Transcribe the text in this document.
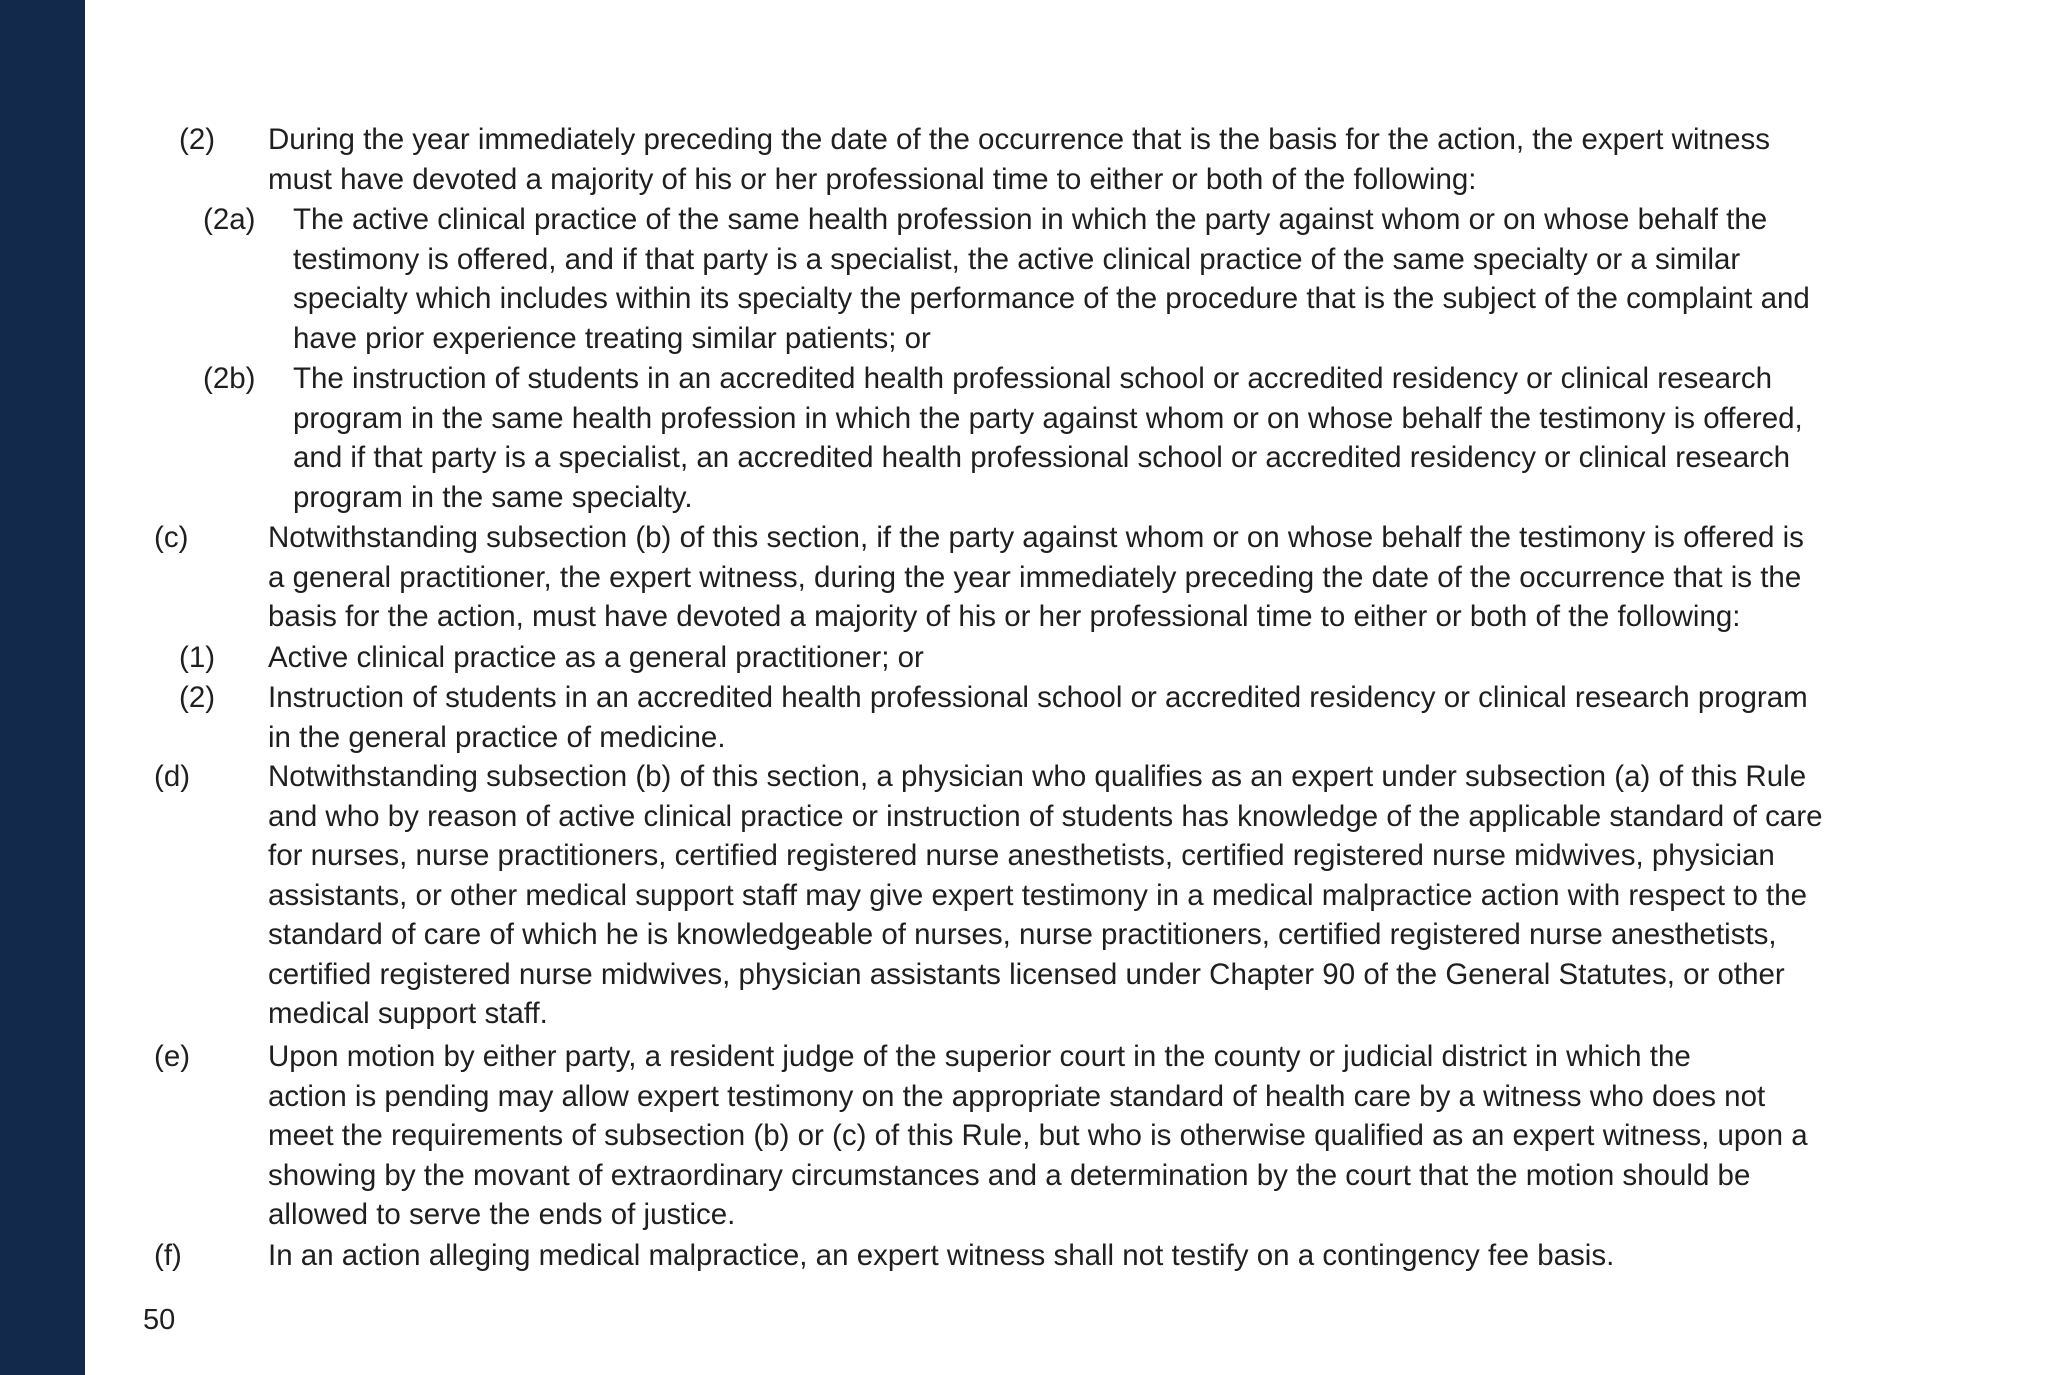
(2) During the year immediately preceding the date of the occurrence that is the basis for the action, the expert witness
must have devoted a majority of his or her professional time to either or both of the following:
(2a) The active clinical practice of the same health profession in which the party against whom or on whose behalf the
testimony is offered, and if that party is a specialist, the active clinical practice of the same specialty or a similar
specialty which includes within its specialty the performance of the procedure that is the subject of the complaint and
have prior experience treating similar patients; or
(2b) The instruction of students in an accredited health professional school or accredited residency or clinical research
program in the same health profession in which the party against whom or on whose behalf the testimony is offered,
and if that party is a specialist, an accredited health professional school or accredited residency or clinical research
program in the same specialty.
(c)	Notwithstanding subsection (b) of this section, if the party against whom or on whose behalf the testimony is offered is
a general practitioner, the expert witness, during the year immediately preceding the date of the occurrence that is the
basis for the action, must have devoted a majority of his or her professional time to either or both of the following:
(1) Active clinical practice as a general practitioner; or
(2) Instruction of students in an accredited health professional school or accredited residency or clinical research program
in the general practice of medicine.
(d)	Notwithstanding subsection (b) of this section, a physician who qualifies as an expert under subsection (a) of this Rule
and who by reason of active clinical practice or instruction of students has knowledge of the applicable standard of care
for nurses, nurse practitioners, certified registered nurse anesthetists, certified registered nurse midwives, physician
assistants, or other medical support staff may give expert testimony in a medical malpractice action with respect to the
standard of care of which he is knowledgeable of nurses, nurse practitioners, certified registered nurse anesthetists,
certified registered nurse midwives, physician assistants licensed under Chapter 90 of the General Statutes, or other
medical support staff.
(e)	Upon motion by either party, a resident judge of the superior court in the county or judicial district in which the
action is pending may allow expert testimony on the appropriate standard of health care by a witness who does not
meet the requirements of subsection (b) or (c) of this Rule, but who is otherwise qualified as an expert witness, upon a
showing by the movant of extraordinary circumstances and a determination by the court that the motion should be
allowed to serve the ends of justice.
(f)	In an action alleging medical malpractice, an expert witness shall not testify on a contingency fee basis.
50
